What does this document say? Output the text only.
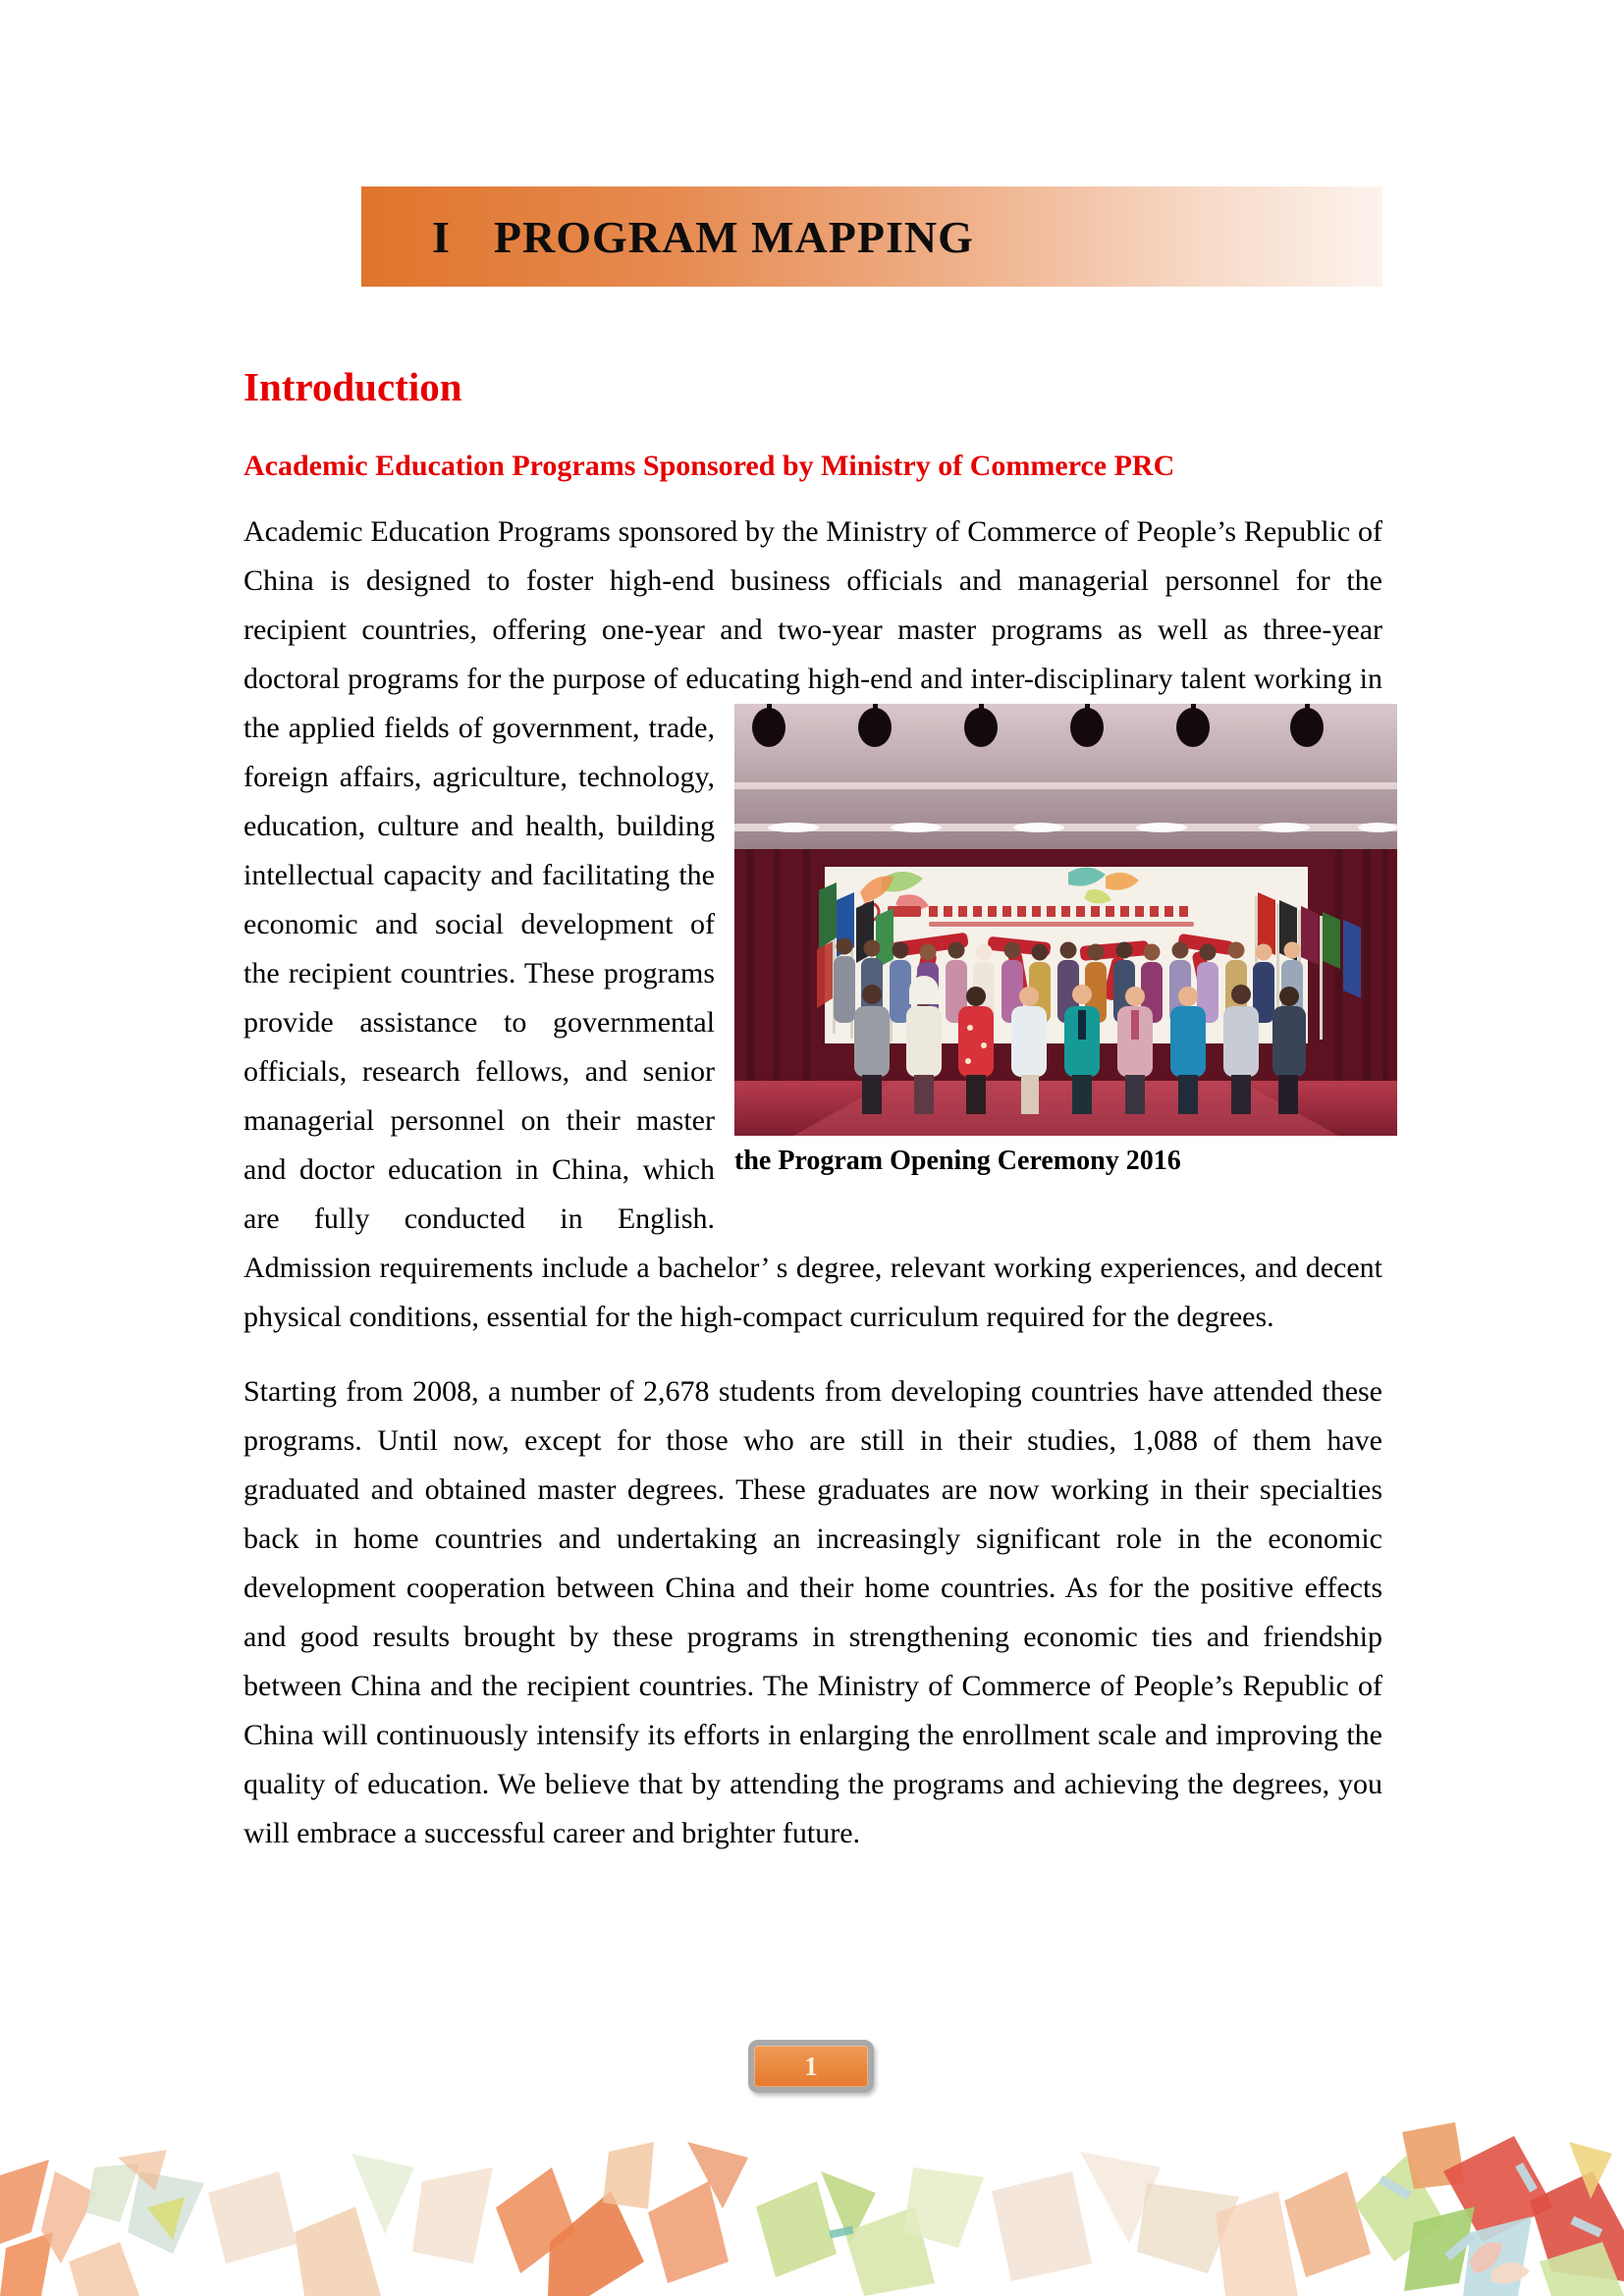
I PROGRAM MAPPING
Introduction
Academic Education Programs Sponsored by Ministry of Commerce PRC

Academic Education Programs sponsored by the Ministry of Commerce of People’s Republic of China is designed to foster high-end business officials and managerial personnel for the recipient countries, offering one-year and two-year master programs as well as three-year doctoral programs for the purpose of educating high-end and
the Program Opening Ceremony 2016
inter-disciplinary talent working in the applied fields of government, trade, foreign affairs, agriculture, technology, education, culture and health, building intellectual capacity and facilitating the economic and social development of the recipient countries. These programs provide assistance to governmental officials, research fellows, and senior managerial personnel on their master and doctor education in China, which are fully conducted in English. Admission requirements include a bachelor’ s degree, relevant working experiences, and decent physical conditions, essential for the high-compact curriculum required for the degrees.

Starting from 2008, a number of 2,678 students from developing countries have attended these programs. Until now, except for those who are still in their studies, 1,088 of them have graduated and obtained master degrees. These graduates are now working in their specialties back in home countries and undertaking an increasingly significant role in the economic development cooperation between China and their home countries. As for the positive effects and good results brought by these programs in strengthening economic ties and friendship between China and the recipient countries. The Ministry of Commerce of People’s Republic of China will continuously intensify its efforts in enlarging the enrollment scale and improving the quality of education. We believe that by attending the programs and achieving the degrees, you will embrace a successful career and brighter future.

1
